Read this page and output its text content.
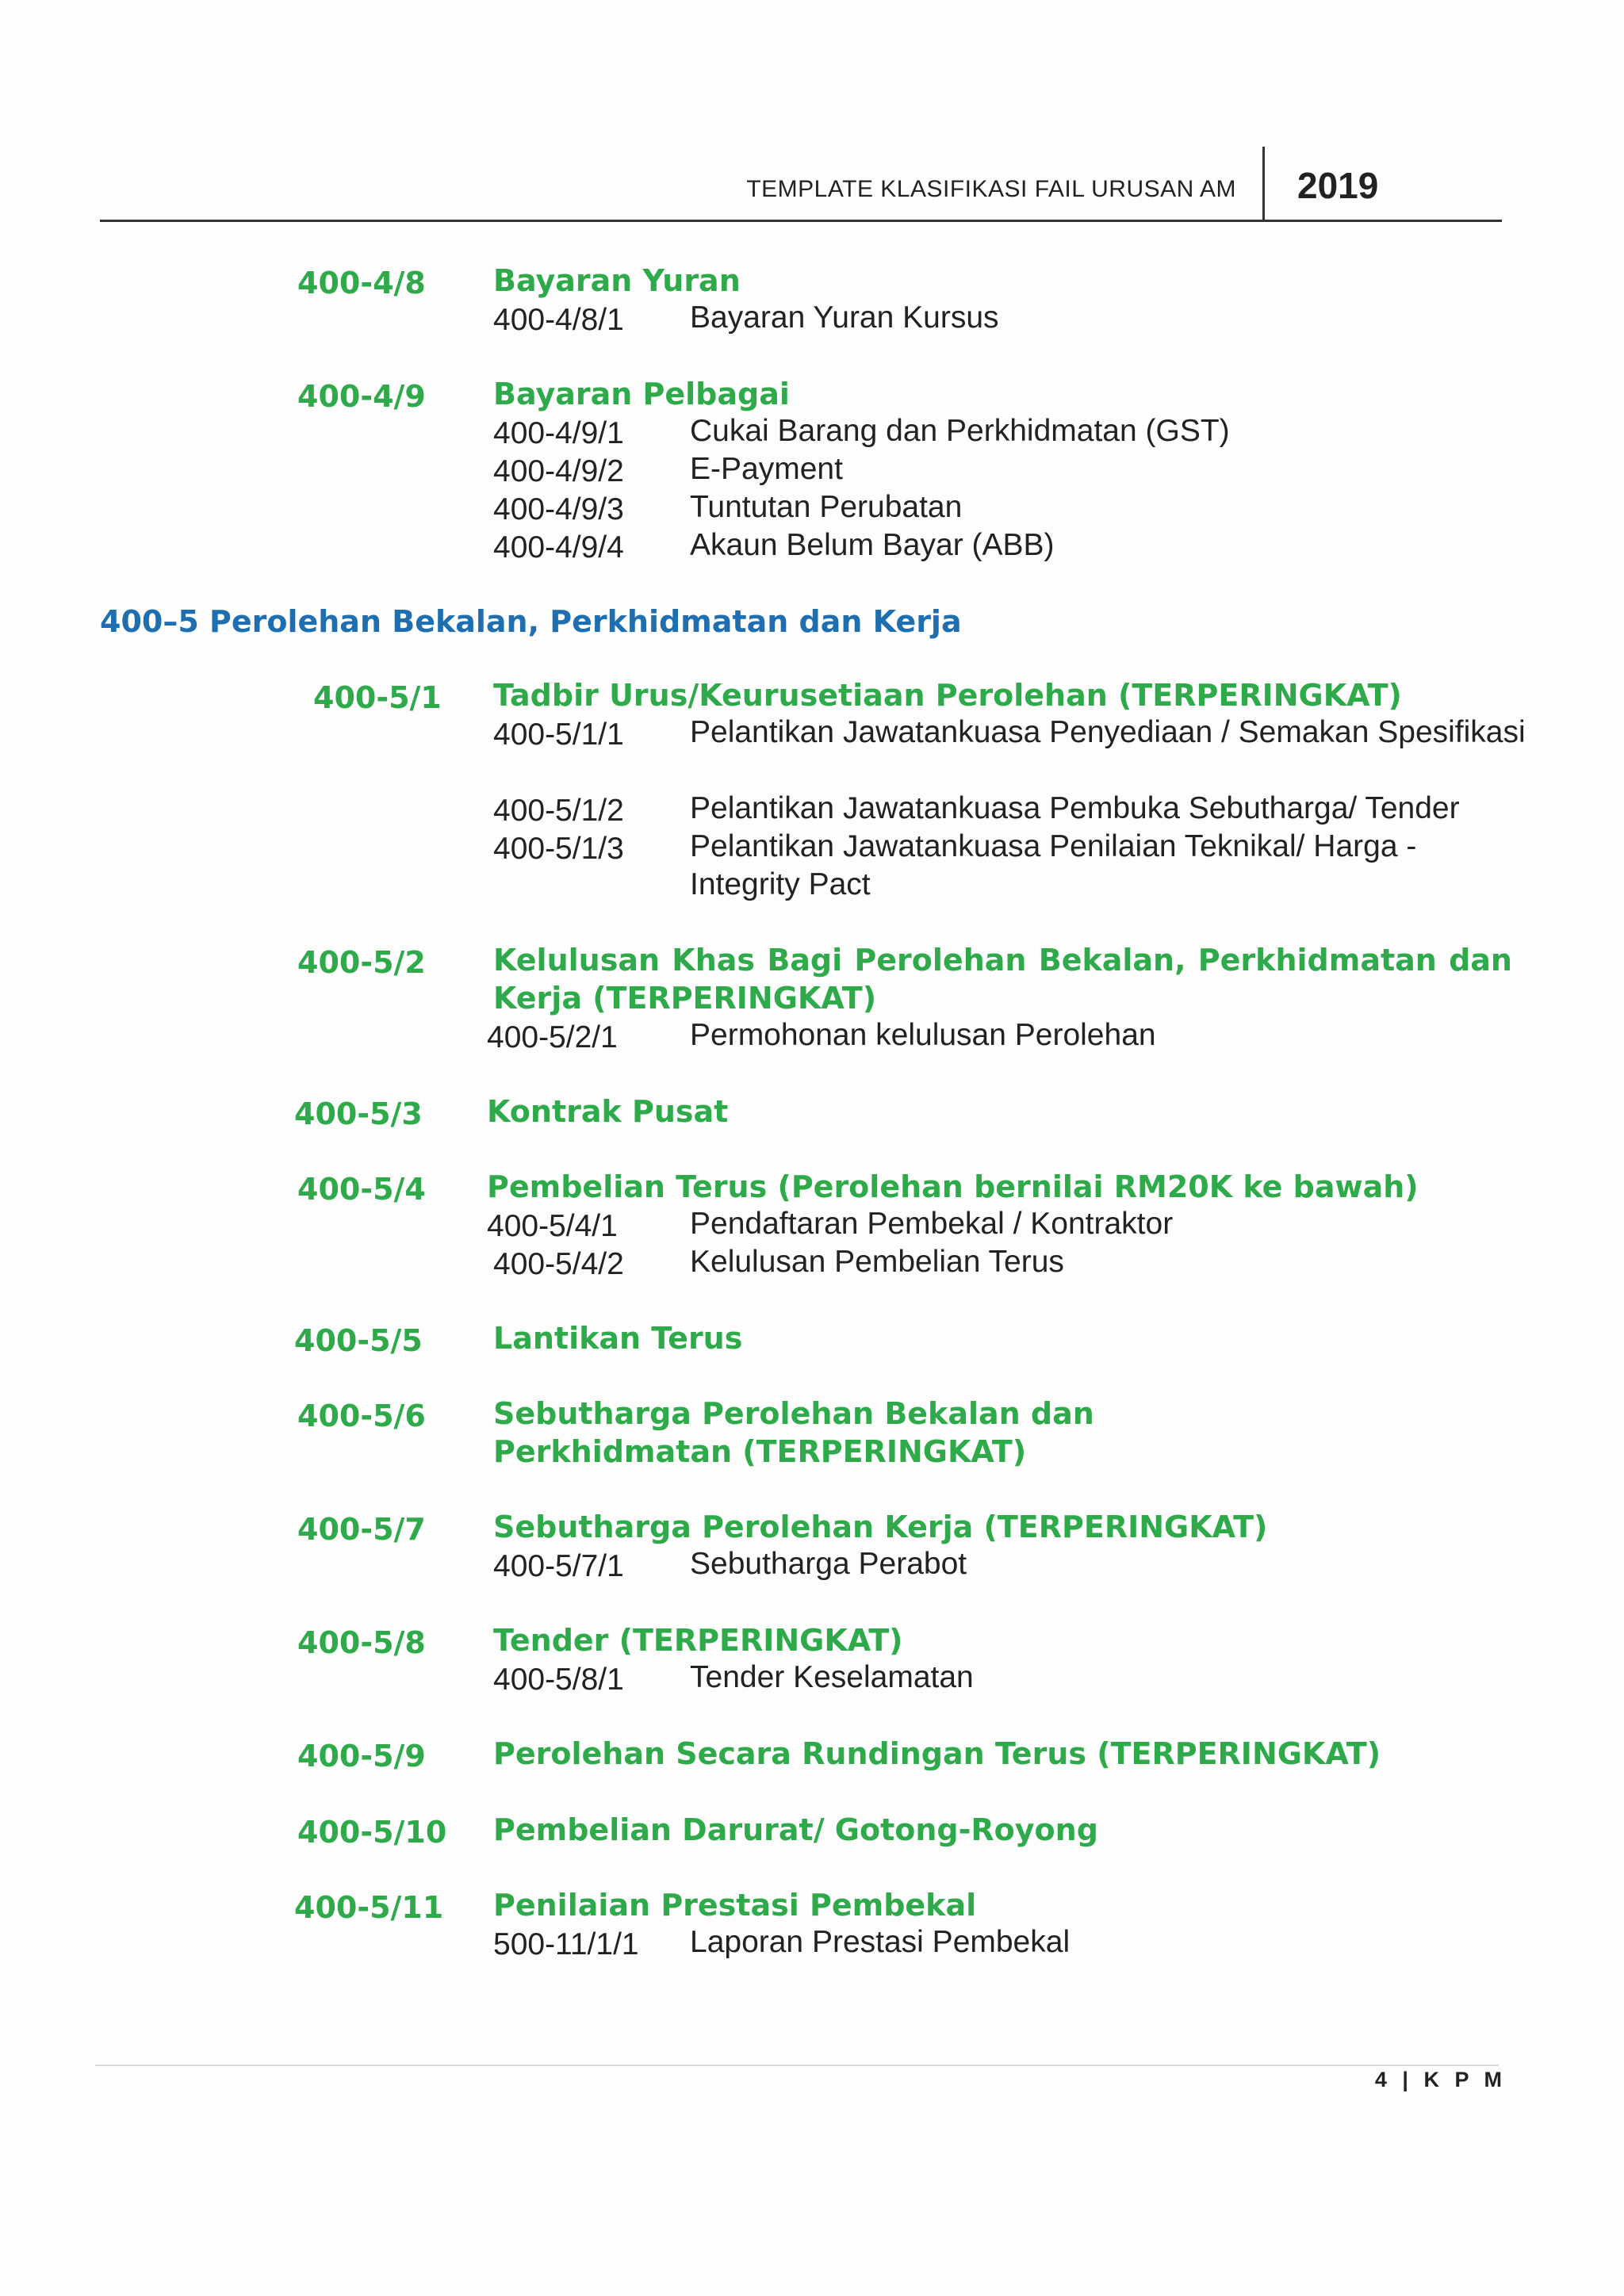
TEMPLATE KLASIFIKASI FAIL URUSAN AM 2019
400-4/8 Bayaran Yuran
400-4/8/1 Bayaran Yuran Kursus
400-4/9 Bayaran Pelbagai
400-4/9/1 Cukai Barang dan Perkhidmatan (GST)
400-4/9/2 E-Payment
400-4/9/3 Tuntutan Perubatan
400-4/9/4 Akaun Belum Bayar (ABB)
400–5 Perolehan Bekalan, Perkhidmatan dan Kerja
400-5/1 Tadbir Urus/Keurusetiaan Perolehan (TERPERINGKAT)
400-5/1/1 Pelantikan Jawatankuasa Penyediaan / Semakan Spesifikasi
400-5/1/2 Pelantikan Jawatankuasa Pembuka Sebutharga/ Tender
400-5/1/3 Pelantikan Jawatankuasa Penilaian Teknikal/ Harga - Integrity Pact
400-5/2 Kelulusan Khas Bagi Perolehan Bekalan, Perkhidmatan dan Kerja (TERPERINGKAT)
400-5/2/1 Permohonan kelulusan Perolehan
400-5/3 Kontrak Pusat
400-5/4 Pembelian Terus (Perolehan bernilai RM20K ke bawah)
400-5/4/1 Pendaftaran Pembekal / Kontraktor
400-5/4/2 Kelulusan Pembelian Terus
400-5/5 Lantikan Terus
400-5/6 Sebutharga Perolehan Bekalan dan Perkhidmatan (TERPERINGKAT)
400-5/7 Sebutharga Perolehan Kerja (TERPERINGKAT)
400-5/7/1 Sebutharga Perabot
400-5/8 Tender (TERPERINGKAT)
400-5/8/1 Tender Keselamatan
400-5/9 Perolehan Secara Rundingan Terus (TERPERINGKAT)
400-5/10 Pembelian Darurat/ Gotong-Royong
400-5/11 Penilaian Prestasi Pembekal
500-11/1/1 Laporan Prestasi Pembekal
4 | K P M
